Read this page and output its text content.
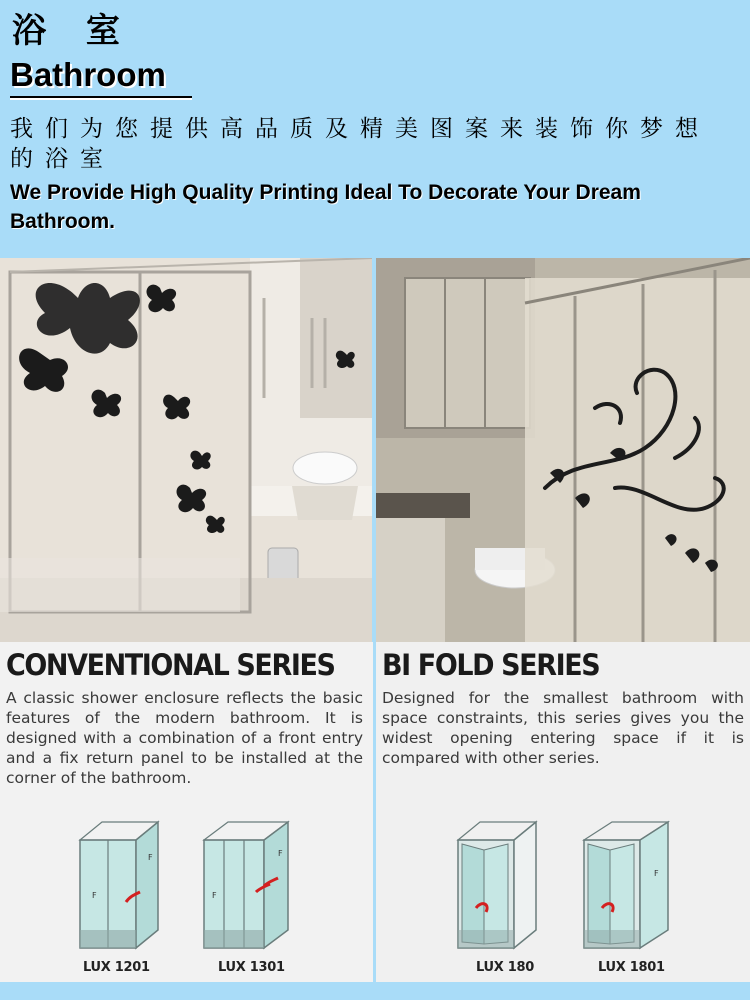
浴 室
Bathroom
我们为您提供高品质及精美图案来装饰你梦想的浴室
We Provide High Quality Printing Ideal To Decorate Your Dream Bathroom.
CONVENTIONAL SERIES
A classic shower enclosure reflects the basic features of the modern bathroom. It is designed with a combination of a front entry and a fix return panel to be installed at the corner of the bathroom.
F
F
F
F
LUX 1201	LUX 1301
BI FOLD SERIES
Designed for the smallest bathroom with space constraints, this series gives you the widest opening entering space if it is compared with other series.
F
LUX 180	LUX 1801
